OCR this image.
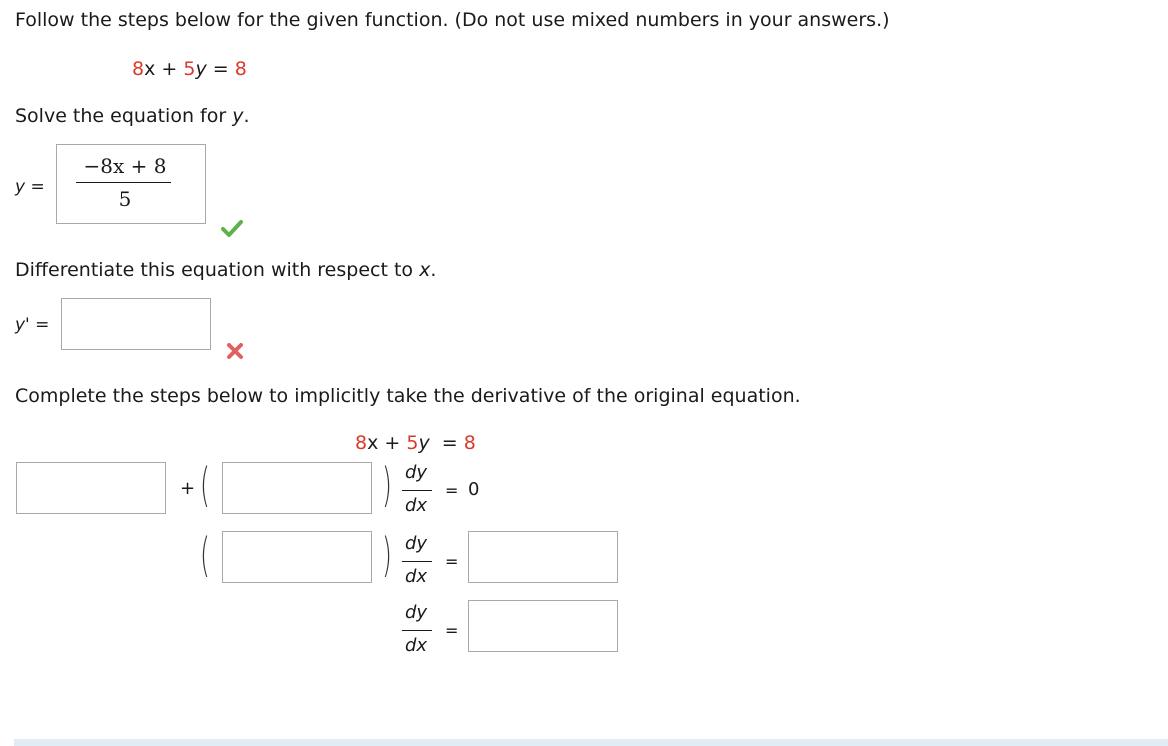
Follow the steps below for the given function. (Do not use mixed numbers in your answers.)
8x + 5y = 8
Solve the equation for y.
y =
−8x + 8
5
Differentiate this equation with respect to x.
y' =
Complete the steps below to implicitly take the derivative of the original equation.
8x + 5y = 8
+ (	) dy
dx
= 0
(	) dy
dx
=
dy
dx
=
